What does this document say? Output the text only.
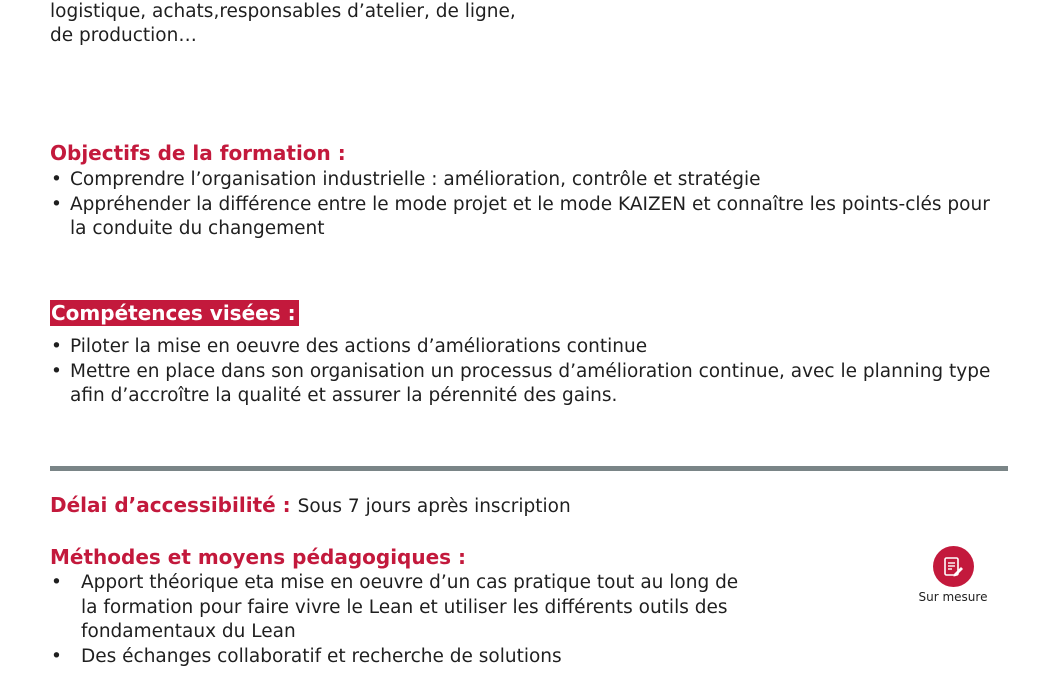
logistique, achats,responsables d’atelier, de ligne,
de production…
Objectifs de la formation :
• Comprendre l’organisation industrielle : amélioration, contrôle et stratégie
• Appréhender la différence entre le mode projet et le mode KAIZEN et connaître les points-clés pour
la conduite du changement
Compétences visées :
• Piloter la mise en oeuvre des actions d’améliorations continue
• Mettre en place dans son organisation un processus d’amélioration continue, avec le planning type
afin d’accroître la qualité et assurer la pérennité des gains.
Délai d’accessibilité : Sous 7 jours après inscription
Méthodes et moyens pédagogiques :
• Apport théorique eta mise en oeuvre d’un cas pratique tout au long de
la formation pour faire vivre le Lean et utiliser les différents outils des
fondamentaux du Lean
• Des échanges collaboratif et recherche de solutions
Sur mesure
